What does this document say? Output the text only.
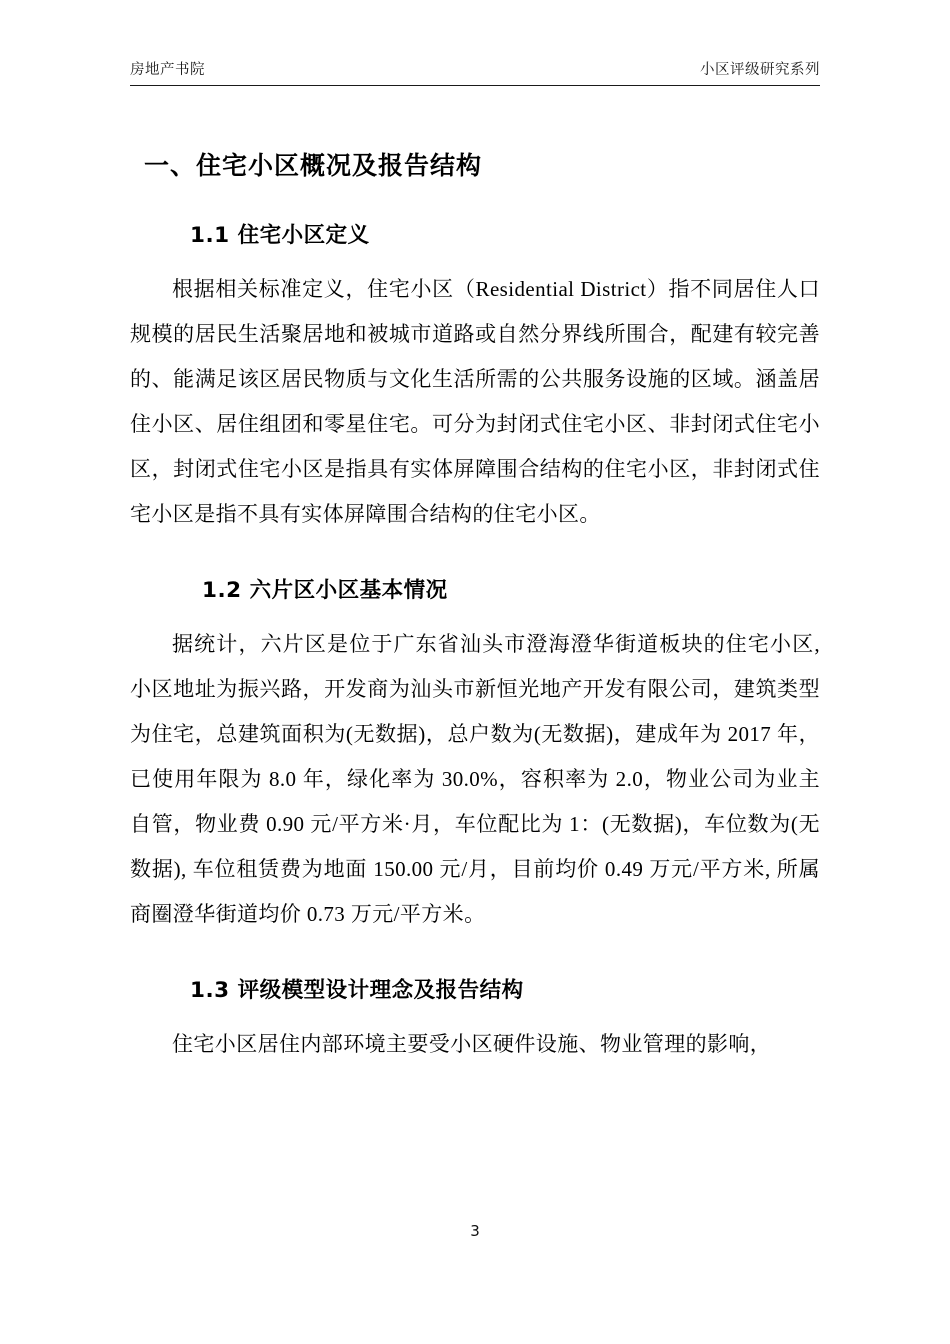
房地产书院	小区评级研究系列
一、住宅小区概况及报告结构
1.1 住宅小区定义

根据相关标准定义，住宅小区（Residential District）指不同居住人口规模的居民生活聚居地和被城市道路或自然分界线所围合，配建有较完善的、能满足该区居民物质与文化生活所需的公共服务设施的区域。涵盖居住小区、居住组团和零星住宅。可分为封闭式住宅小区、非封闭式住宅小区，封闭式住宅小区是指具有实体屏障围合结构的住宅小区，非封闭式住宅小区是指不具有实体屏障围合结构的住宅小区。

1.2 六片区小区基本情况

据统计，六片区是位于广东省汕头市澄海澄华街道板块的住宅小区, 小区地址为振兴路，开发商为汕头市新恒光地产开发有限公司，建筑类型为住宅，总建筑面积为(无数据)，总户数为(无数据)，建成年为 2017 年，已使用年限为 8.0 年，绿化率为 30.0%，容积率为 2.0，物业公司为业主自管，物业费 0.90 元/平方米·月，车位配比为 1：(无数据)，车位数为(无数据), 车位租赁费为地面 150.00 元/月，目前均价 0.49 万元/平方米, 所属商圈澄华街道均价 0.73 万元/平方米。

1.3 评级模型设计理念及报告结构

住宅小区居住内部环境主要受小区硬件设施、物业管理的影响，

3
